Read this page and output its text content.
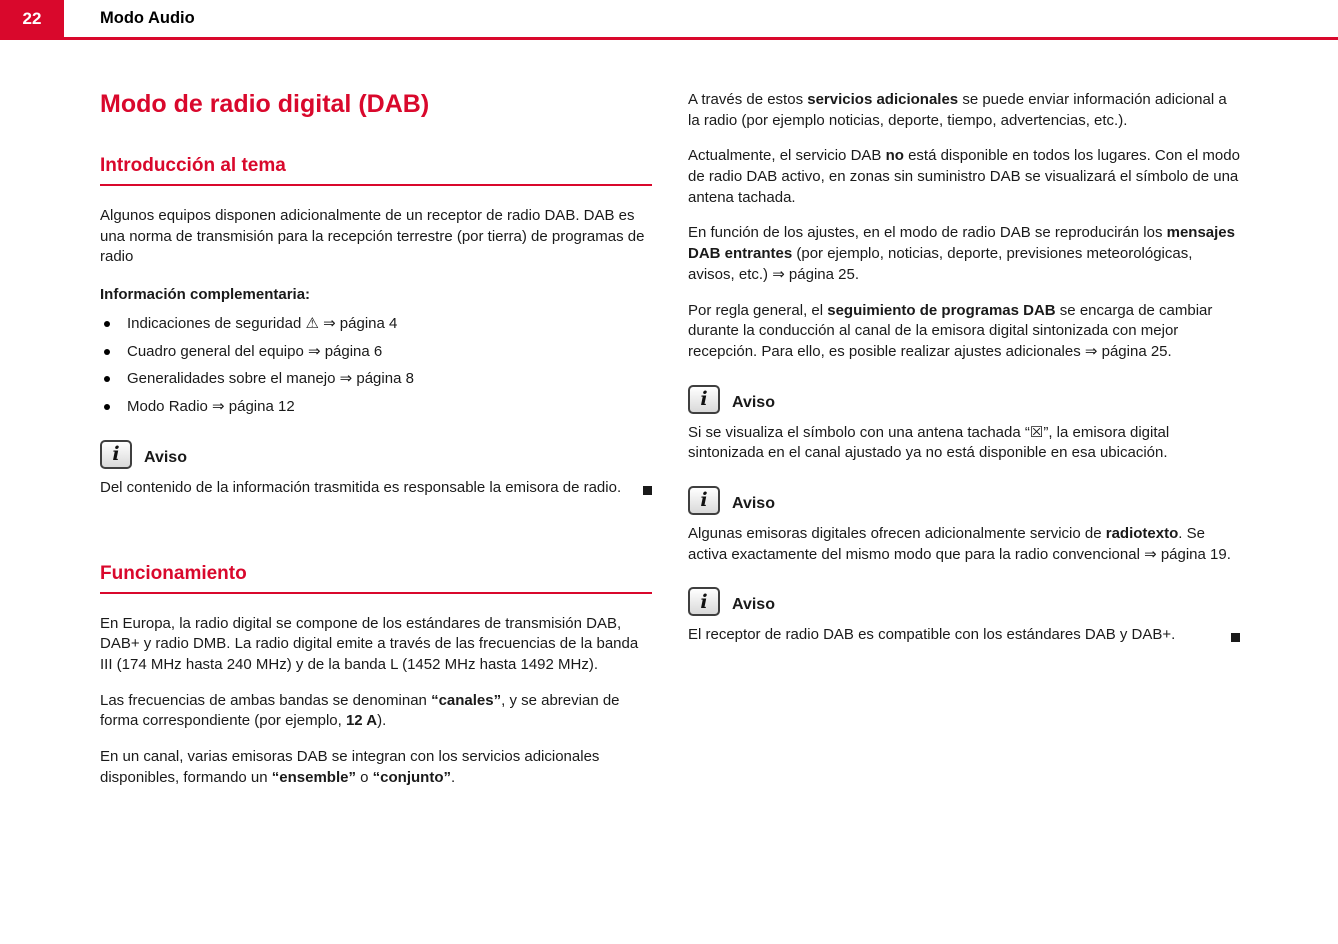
22	Modo Audio
Modo de radio digital (DAB)
Introducción al tema

Algunos equipos disponen adicionalmente de un receptor de radio DAB. DAB es una norma de transmisión para la recepción terrestre (por tierra) de programas de radio

Información complementaria:
Indicaciones de seguridad ⚠ ⇒ página 4
Cuadro general del equipo ⇒ página 6
Generalidades sobre el manejo ⇒ página 8
Modo Radio ⇒ página 12
i	Aviso

Del contenido de la información trasmitida es responsable la emisora de radio.

Funcionamiento

En Europa, la radio digital se compone de los estándares de transmisión DAB, DAB+ y radio DMB. La radio digital emite a través de las frecuencias de la banda III (174 MHz hasta 240 MHz) y de la banda L (1452 MHz hasta 1492 MHz).

Las frecuencias de ambas bandas se denominan “canales”, y se abrevian de forma correspondiente (por ejemplo, 12 A).

En un canal, varias emisoras DAB se integran con los servicios adicionales disponibles, formando un “ensemble” o “conjunto”.

A través de estos servicios adicionales se puede enviar información adicional a la radio (por ejemplo noticias, deporte, tiempo, advertencias, etc.).

Actualmente, el servicio DAB no está disponible en todos los lugares. Con el modo de radio DAB activo, en zonas sin suministro DAB se visualizará el símbolo de una antena tachada.

En función de los ajustes, en el modo de radio DAB se reproducirán los mensajes DAB entrantes (por ejemplo, noticias, deporte, previsiones meteorológicas, avisos, etc.) ⇒ página 25.

Por regla general, el seguimiento de programas DAB se encarga de cambiar durante la conducción al canal de la emisora digital sintonizada con mejor recepción. Para ello, es posible realizar ajustes adicionales ⇒ página 25.

i	Aviso

Si se visualiza el símbolo con una antena tachada “☒”, la emisora digital sintonizada en el canal ajustado ya no está disponible en esa ubicación.

i	Aviso

Algunas emisoras digitales ofrecen adicionalmente servicio de radiotexto. Se activa exactamente del mismo modo que para la radio convencional ⇒ página 19.

i	Aviso

El receptor de radio DAB es compatible con los estándares DAB y DAB+.
